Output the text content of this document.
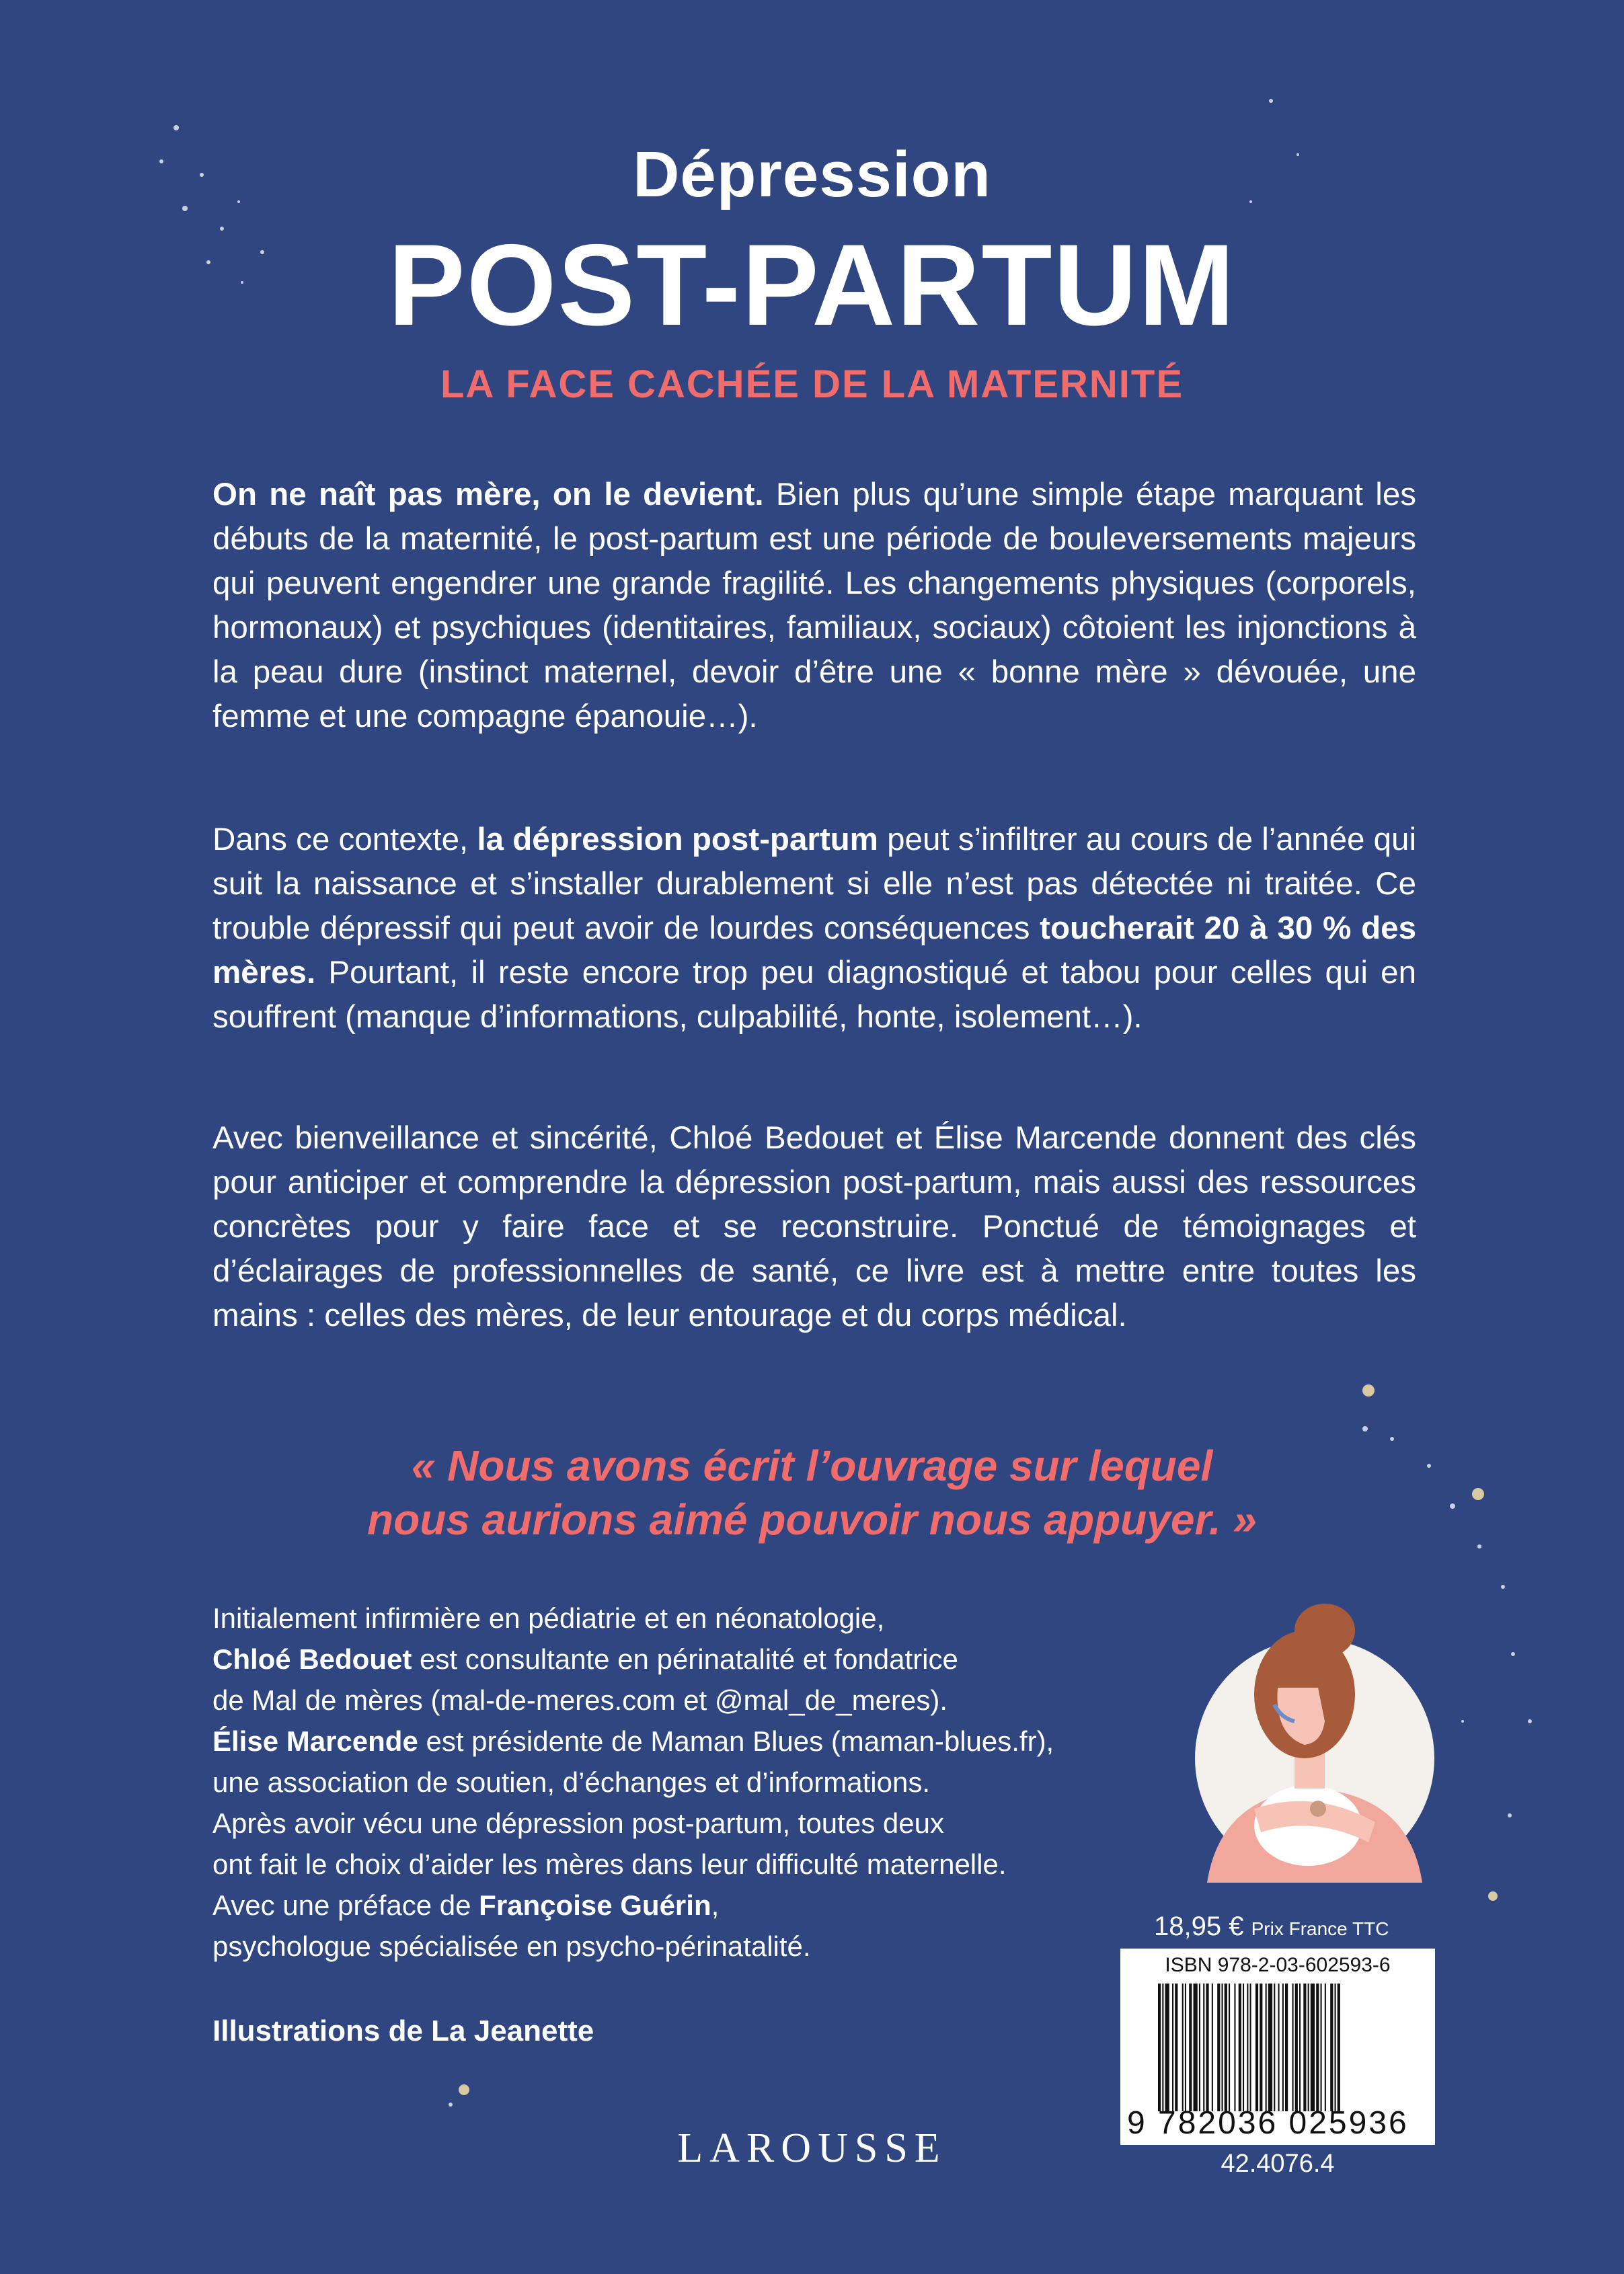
Dépression
POST-PARTUM
LA FACE CACHÉE DE LA MATERNITÉ
On ne naît pas mère, on le devient. Bien plus qu’une simple étape marquant les débuts de la maternité, le post-partum est une période de bouleversements majeurs qui peuvent engendrer une grande fragilité. Les changements physiques (corporels, hormonaux) et psychiques (identitaires, familiaux, sociaux) côtoient les injonctions à la peau dure (instinct maternel, devoir d’être une « bonne mère » dévouée, une femme et une compagne épanouie…).
Dans ce contexte, la dépression post-partum peut s’infiltrer au cours de l’année qui suit la naissance et s’installer durablement si elle n’est pas détectée ni traitée. Ce trouble dépressif qui peut avoir de lourdes conséquences toucherait 20 à 30 % des mères. Pourtant, il reste encore trop peu diagnostiqué et tabou pour celles qui en souffrent (manque d’informations, culpabilité, honte, isolement…).
Avec bienveillance et sincérité, Chloé Bedouet et Élise Marcende donnent des clés pour anticiper et comprendre la dépression post-partum, mais aussi des ressources concrètes pour y faire face et se reconstruire. Ponctué de témoignages et d’éclairages de professionnelles de santé, ce livre est à mettre entre toutes les mains : celles des mères, de leur entourage et du corps médical.
« Nous avons écrit l’ouvrage sur lequel
nous aurions aimé pouvoir nous appuyer. »
Initialement infirmière en pédiatrie et en néonatologie,
Chloé Bedouet est consultante en périnatalité et fondatrice
de Mal de mères (mal-de-meres.com et @mal_de_meres).
Élise Marcende est présidente de Maman Blues (maman-blues.fr),
une association de soutien, d’échanges et d’informations.
Après avoir vécu une dépression post-partum, toutes deux
ont fait le choix d’aider les mères dans leur difficulté maternelle.
Avec une préface de Françoise Guérin,
psychologue spécialisée en psycho-périnatalité.
Illustrations de La Jeanette
LAROUSSE
18,95 € Prix France TTC
ISBN 978-2-03-602593-6
9 782036 025936
42.4076.4
